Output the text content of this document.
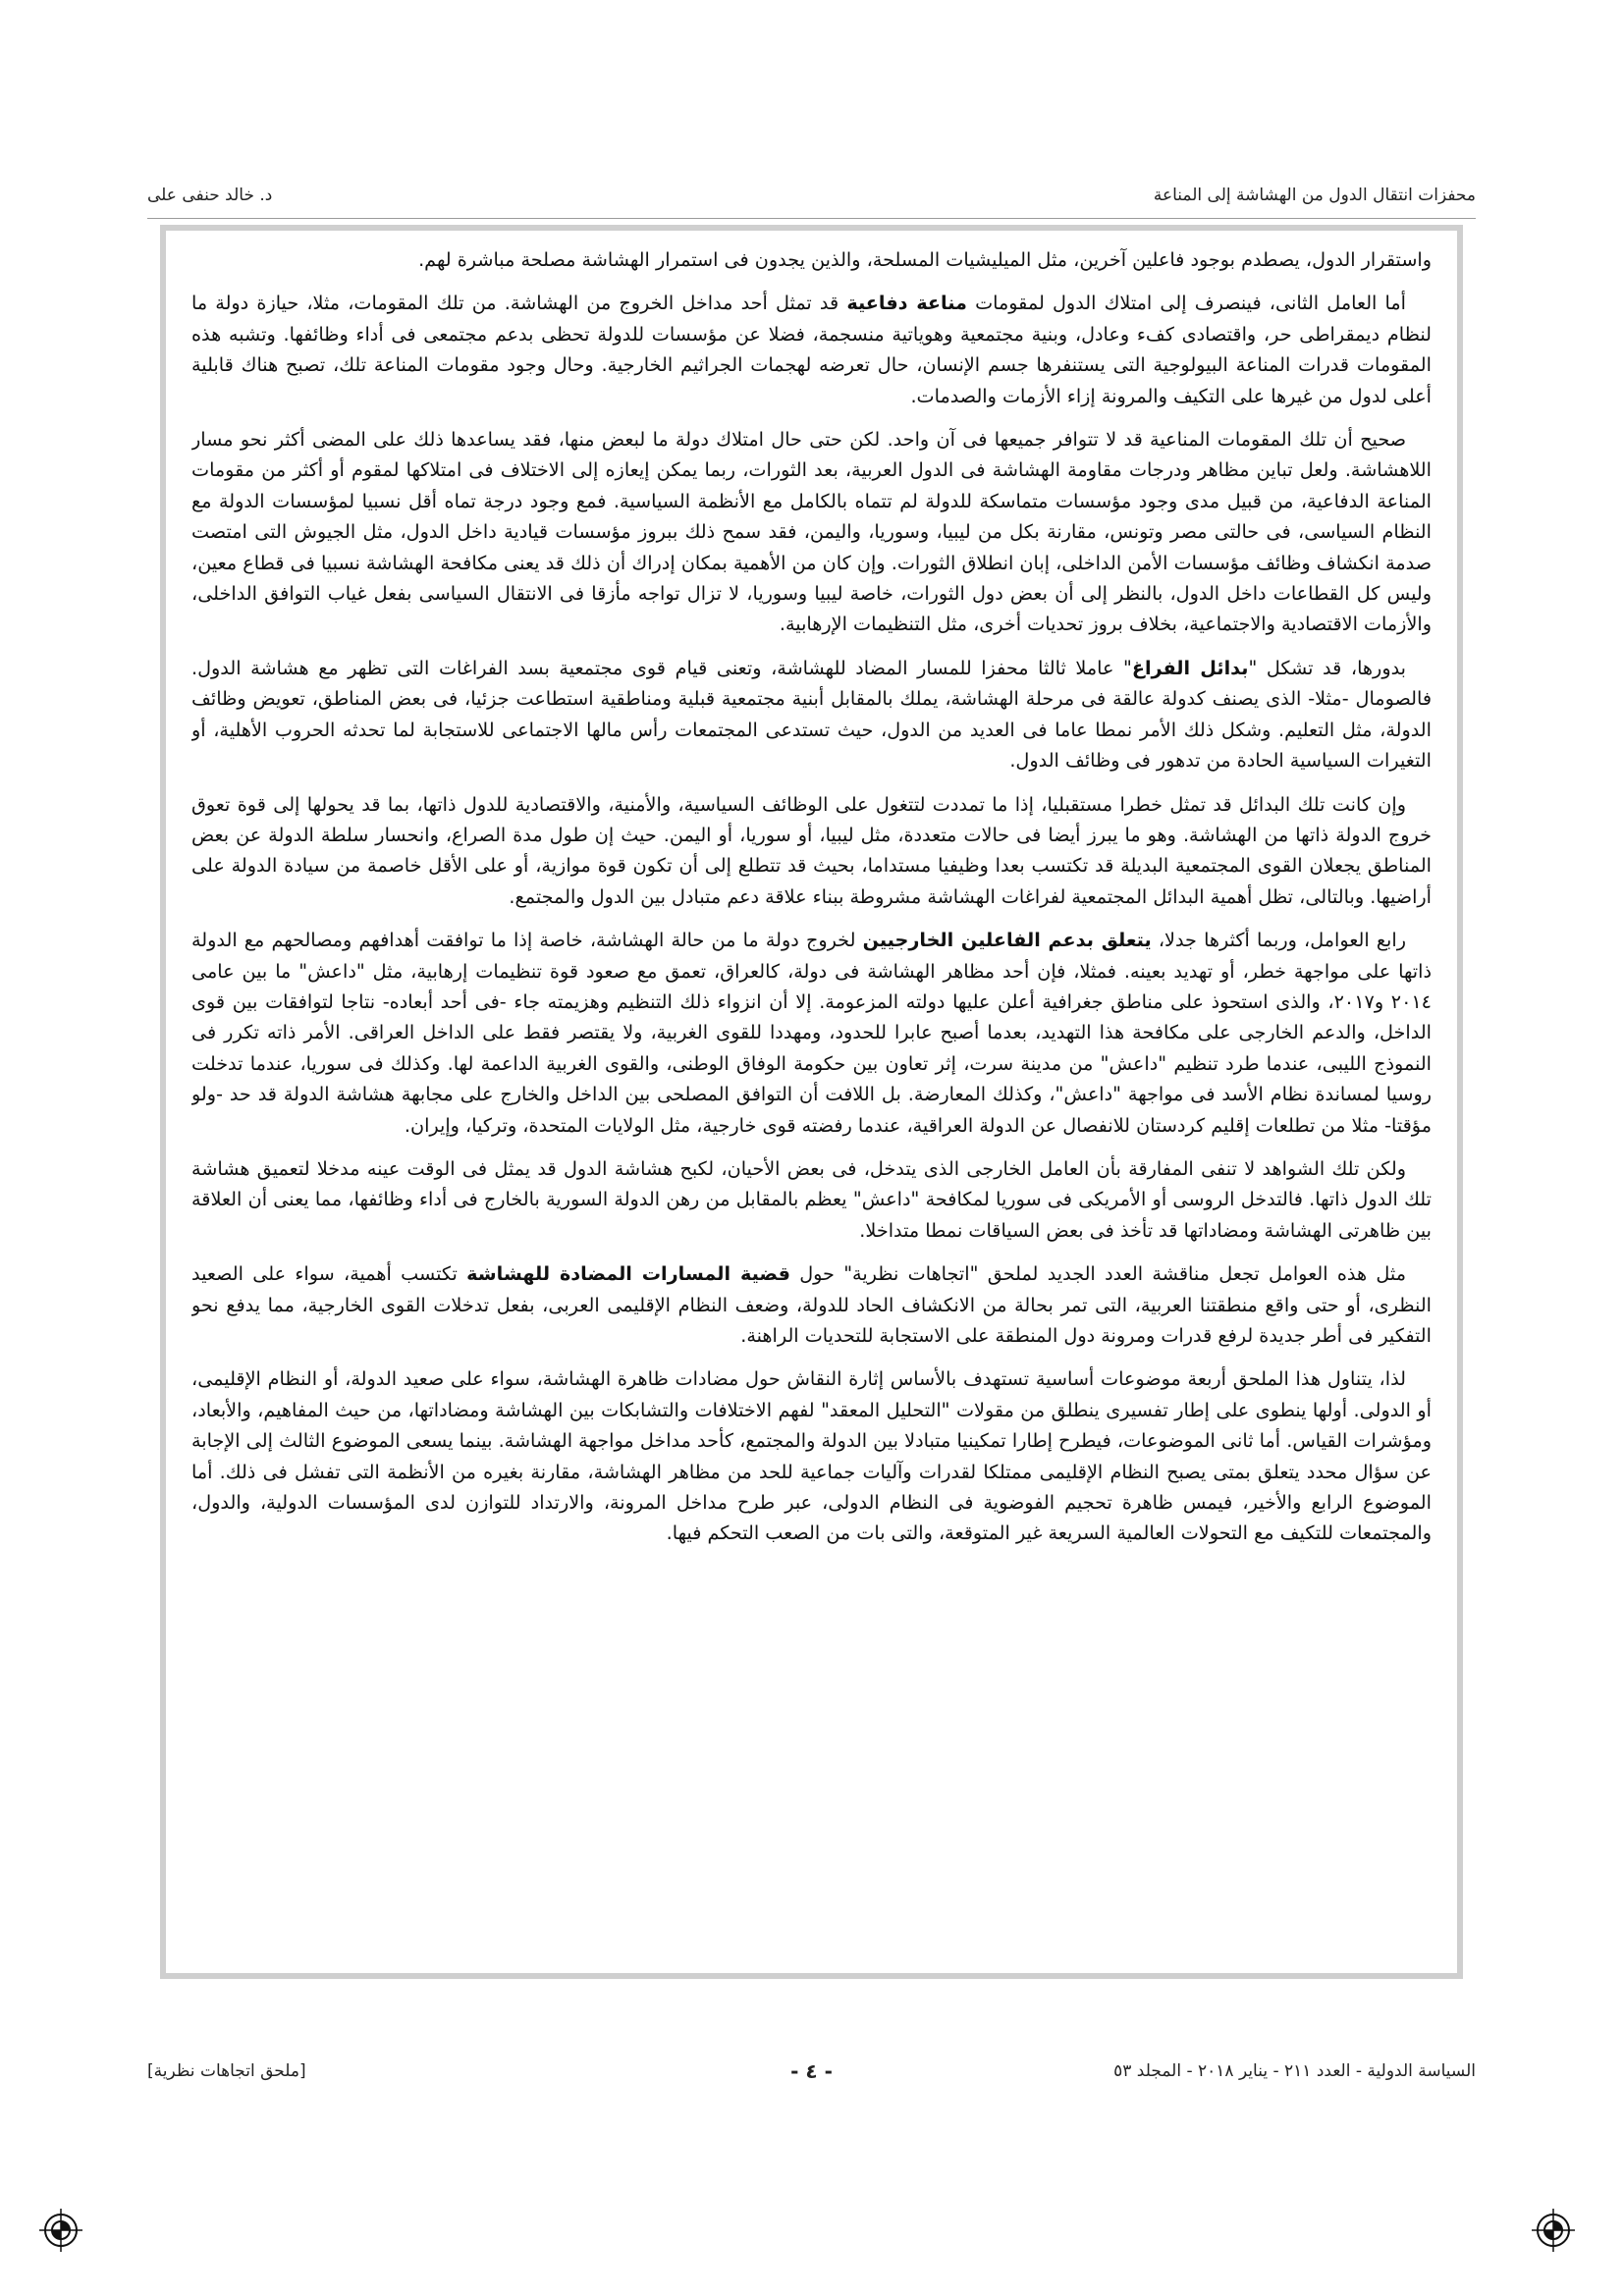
محفزات انتقال الدول من الهشاشة إلى المناعة
د. خالد حنفى على

واستقرار الدول، يصطدم بوجود فاعلين آخرين، مثل الميليشيات المسلحة، والذين يجدون فى استمرار الهشاشة مصلحة مباشرة لهم.

أما العامل الثانى، فينصرف إلى امتلاك الدول لمقومات مناعة دفاعية قد تمثل أحد مداخل الخروج من الهشاشة. من تلك المقومات، مثلا، حيازة دولة ما لنظام ديمقراطى حر، واقتصادى كفء وعادل، وبنية مجتمعية وهوياتية منسجمة، فضلا عن مؤسسات للدولة تحظى بدعم مجتمعى فى أداء وظائفها. وتشبه هذه المقومات قدرات المناعة البيولوجية التى يستنفرها جسم الإنسان، حال تعرضه لهجمات الجراثيم الخارجية. وحال وجود مقومات المناعة تلك، تصبح هناك قابلية أعلى لدول من غيرها على التكيف والمرونة إزاء الأزمات والصدمات.

صحيح أن تلك المقومات المناعية قد لا تتوافر جميعها فى آن واحد. لكن حتى حال امتلاك دولة ما لبعض منها، فقد يساعدها ذلك على المضى أكثر نحو مسار اللاهشاشة. ولعل تباين مظاهر ودرجات مقاومة الهشاشة فى الدول العربية، بعد الثورات، ربما يمكن إيعازه إلى الاختلاف فى امتلاكها لمقوم أو أكثر من مقومات المناعة الدفاعية، من قبيل مدى وجود مؤسسات متماسكة للدولة لم تتماه بالكامل مع الأنظمة السياسية. فمع وجود درجة تماه أقل نسبيا لمؤسسات الدولة مع النظام السياسى، فى حالتى مصر وتونس، مقارنة بكل من ليبيا، وسوريا، واليمن، فقد سمح ذلك ببروز مؤسسات قيادية داخل الدول، مثل الجيوش التى امتصت صدمة انكشاف وظائف مؤسسات الأمن الداخلى، إبان انطلاق الثورات. وإن كان من الأهمية بمكان إدراك أن ذلك قد يعنى مكافحة الهشاشة نسبيا فى قطاع معين، وليس كل القطاعات داخل الدول، بالنظر إلى أن بعض دول الثورات، خاصة ليبيا وسوريا، لا تزال تواجه مأزقا فى الانتقال السياسى بفعل غياب التوافق الداخلى، والأزمات الاقتصادية والاجتماعية، بخلاف بروز تحديات أخرى، مثل التنظيمات الإرهابية.

بدورها، قد تشكل "بدائل الفراغ" عاملا ثالثا محفزا للمسار المضاد للهشاشة، وتعنى قيام قوى مجتمعية بسد الفراغات التى تظهر مع هشاشة الدول. فالصومال -مثلا- الذى يصنف كدولة عالقة فى مرحلة الهشاشة، يملك بالمقابل أبنية مجتمعية قبلية ومناطقية استطاعت جزئيا، فى بعض المناطق، تعويض وظائف الدولة، مثل التعليم. وشكل ذلك الأمر نمطا عاما فى العديد من الدول، حيث تستدعى المجتمعات رأس مالها الاجتماعى للاستجابة لما تحدثه الحروب الأهلية، أو التغيرات السياسية الحادة من تدهور فى وظائف الدول.

وإن كانت تلك البدائل قد تمثل خطرا مستقبليا، إذا ما تمددت لتتغول على الوظائف السياسية، والأمنية، والاقتصادية للدول ذاتها، بما قد يحولها إلى قوة تعوق خروج الدولة ذاتها من الهشاشة. وهو ما يبرز أيضا فى حالات متعددة، مثل ليبيا، أو سوريا، أو اليمن. حيث إن طول مدة الصراع، وانحسار سلطة الدولة عن بعض المناطق يجعلان القوى المجتمعية البديلة قد تكتسب بعدا وظيفيا مستداما، بحيث قد تتطلع إلى أن تكون قوة موازية، أو على الأقل خاصمة من سيادة الدولة على أراضيها. وبالتالى، تظل أهمية البدائل المجتمعية لفراغات الهشاشة مشروطة ببناء علاقة دعم متبادل بين الدول والمجتمع.

رابع العوامل، وربما أكثرها جدلا، يتعلق بدعم الفاعلين الخارجيين لخروج دولة ما من حالة الهشاشة، خاصة إذا ما توافقت أهدافهم ومصالحهم مع الدولة ذاتها على مواجهة خطر، أو تهديد بعينه. فمثلا، فإن أحد مظاهر الهشاشة فى دولة، كالعراق، تعمق مع صعود قوة تنظيمات إرهابية، مثل "داعش" ما بين عامى ٢٠١٤ و٢٠١٧، والذى استحوذ على مناطق جغرافية أعلن عليها دولته المزعومة. إلا أن انزواء ذلك التنظيم وهزيمته جاء -فى أحد أبعاده- نتاجا لتوافقات بين قوى الداخل، والدعم الخارجى على مكافحة هذا التهديد، بعدما أصبح عابرا للحدود، ومهددا للقوى الغربية، ولا يقتصر فقط على الداخل العراقى. الأمر ذاته تكرر فى النموذج الليبى، عندما طرد تنظيم "داعش" من مدينة سرت، إثر تعاون بين حكومة الوفاق الوطنى، والقوى الغربية الداعمة لها. وكذلك فى سوريا، عندما تدخلت روسيا لمساندة نظام الأسد فى مواجهة "داعش"، وكذلك المعارضة. بل اللافت أن التوافق المصلحى بين الداخل والخارج على مجابهة هشاشة الدولة قد حد -ولو مؤقتا- مثلا من تطلعات إقليم كردستان للانفصال عن الدولة العراقية، عندما رفضته قوى خارجية، مثل الولايات المتحدة، وتركيا، وإيران.

ولكن تلك الشواهد لا تنفى المفارقة بأن العامل الخارجى الذى يتدخل، فى بعض الأحيان، لكبح هشاشة الدول قد يمثل فى الوقت عينه مدخلا لتعميق هشاشة تلك الدول ذاتها. فالتدخل الروسى أو الأمريكى فى سوريا لمكافحة "داعش" يعظم بالمقابل من رهن الدولة السورية بالخارج فى أداء وظائفها، مما يعنى أن العلاقة بين ظاهرتى الهشاشة ومضاداتها قد تأخذ فى بعض السياقات نمطا متداخلا.

مثل هذه العوامل تجعل مناقشة العدد الجديد لملحق "اتجاهات نظرية" حول قضية المسارات المضادة للهشاشة تكتسب أهمية، سواء على الصعيد النظرى، أو حتى واقع منطقتنا العربية، التى تمر بحالة من الانكشاف الحاد للدولة، وضعف النظام الإقليمى العربى، بفعل تدخلات القوى الخارجية، مما يدفع نحو التفكير فى أطر جديدة لرفع قدرات ومرونة دول المنطقة على الاستجابة للتحديات الراهنة.

لذا، يتناول هذا الملحق أربعة موضوعات أساسية تستهدف بالأساس إثارة النقاش حول مضادات ظاهرة الهشاشة، سواء على صعيد الدولة، أو النظام الإقليمى، أو الدولى. أولها ينطوى على إطار تفسيرى ينطلق من مقولات "التحليل المعقد" لفهم الاختلافات والتشابكات بين الهشاشة ومضاداتها، من حيث المفاهيم، والأبعاد، ومؤشرات القياس. أما ثانى الموضوعات، فيطرح إطارا تمكينيا متبادلا بين الدولة والمجتمع، كأحد مداخل مواجهة الهشاشة. بينما يسعى الموضوع الثالث إلى الإجابة عن سؤال محدد يتعلق بمتى يصبح النظام الإقليمى ممتلكا لقدرات وآليات جماعية للحد من مظاهر الهشاشة، مقارنة بغيره من الأنظمة التى تفشل فى ذلك. أما الموضوع الرابع والأخير، فيمس ظاهرة تحجيم الفوضوية فى النظام الدولى، عبر طرح مداخل المرونة، والارتداد للتوازن لدى المؤسسات الدولية، والدول، والمجتمعات للتكيف مع التحولات العالمية السريعة غير المتوقعة، والتى بات من الصعب التحكم فيها.

السياسة الدولية - العدد ٢١١ - يناير ٢٠١٨ - المجلد ٥٣
- ٤ -
[ملحق اتجاهات نظرية]
